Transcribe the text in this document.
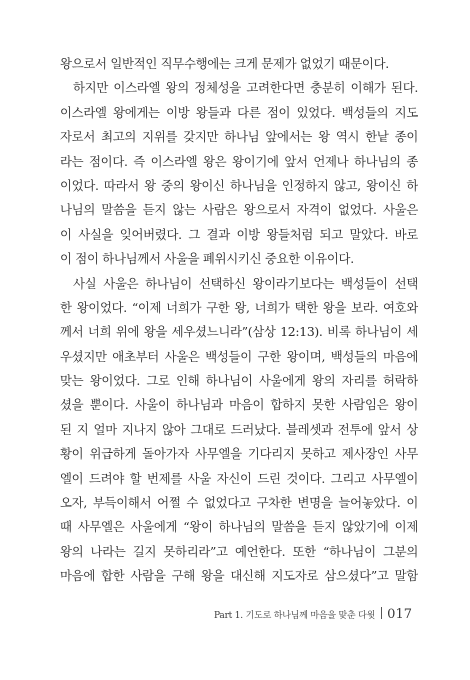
왕으로서 일반적인 직무수행에는 크게 문제가 없었기 때문이다.
하지만 이스라엘 왕의 정체성을 고려한다면 충분히 이해가 된다.
이스라엘 왕에게는 이방 왕들과 다른 점이 있었다. 백성들의 지도
자로서 최고의 지위를 갖지만 하나님 앞에서는 왕 역시 한낱 종이
라는 점이다. 즉 이스라엘 왕은 왕이기에 앞서 언제나 하나님의 종
이었다. 따라서 왕 중의 왕이신 하나님을 인정하지 않고, 왕이신 하
나님의 말씀을 듣지 않는 사람은 왕으로서 자격이 없었다. 사울은
이 사실을 잊어버렸다. 그 결과 이방 왕들처럼 되고 말았다. 바로
이 점이 하나님께서 사울을 폐위시키신 중요한 이유이다.
사실 사울은 하나님이 선택하신 왕이라기보다는 백성들이 선택
한 왕이었다. “이제 너희가 구한 왕, 너희가 택한 왕을 보라. 여호와
께서 너희 위에 왕을 세우셨느니라”(삼상 12:13). 비록 하나님이 세
우셨지만 애초부터 사울은 백성들이 구한 왕이며, 백성들의 마음에
맞는 왕이었다. 그로 인해 하나님이 사울에게 왕의 자리를 허락하
셨을 뿐이다. 사울이 하나님과 마음이 합하지 못한 사람임은 왕이
된 지 얼마 지나지 않아 그대로 드러났다. 블레셋과 전투에 앞서 상
황이 위급하게 돌아가자 사무엘을 기다리지 못하고 제사장인 사무
엘이 드려야 할 번제를 사울 자신이 드린 것이다. 그리고 사무엘이
오자, 부득이해서 어쩔 수 없었다고 구차한 변명을 늘어놓았다. 이
때 사무엘은 사울에게 “왕이 하나님의 말씀을 듣지 않았기에 이제
왕의 나라는 길지 못하리라”고 예언한다. 또한 “하나님이 그분의
마음에 합한 사람을 구해 왕을 대신해 지도자로 삼으셨다”고 말함
Part 1. 기도로 하나님께 마음을 맞춘 다윗 017
